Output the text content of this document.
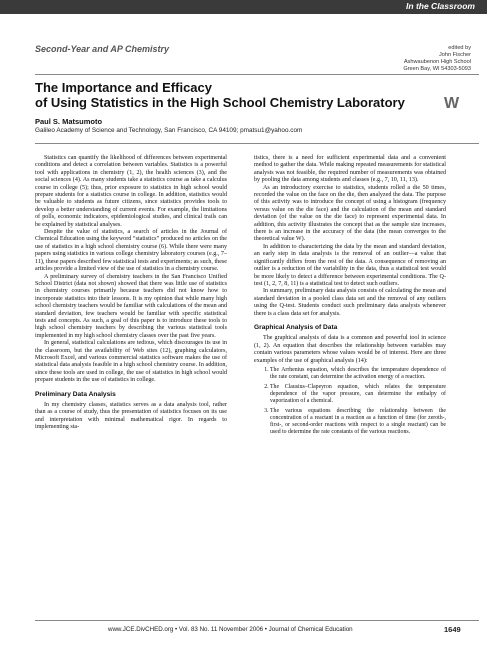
In the Classroom
Second-Year and AP Chemistry	edited by
John Fischer
Ashwaubenon High School
Green Bay, WI 54303-5093
The Importance and Efficacy
of Using Statistics in the High School Chemistry Laboratory	W
Paul S. Matsumoto
Galileo Academy of Science and Technology, San Francisco, CA 94109; pmatsu1@yahoo.com

Statistics can quantify the likelihood of differences between experimental conditions and detect a correlation between variables. Statistics is a powerful tool with applications in chemistry (1, 2), the health sciences (3), and the social sciences (4). As many students take a statistics course as take a calculus course in college (5); thus, prior exposure to statistics in high school would prepare students for a statistics course in college. In addition, statistics would be valuable to students as future citizens, since statistics provides tools to develop a better understanding of current events. For example, the limitations of polls, economic indicators, epidemiological studies, and clinical trails can be explained by statistical analyses.

Despite the value of statistics, a search of articles in the Journal of Chemical Education using the keyword “statistics” produced no articles on the use of statistics in a high school chemistry course (6). While there were many papers using statistics in various college chemistry laboratory courses (e.g., 7–11), these papers described few statistical tests and experiments; as such, these articles provide a limited view of the use of statistics in a chemistry course.

A preliminary survey of chemistry teachers in the San Francisco Unified School District (data not shown) showed that there was little use of statistics in chemistry courses primarily because teachers did not know how to incorporate statistics into their lessons. It is my opinion that while many high school chemistry teachers would be familiar with calculations of the mean and standard deviation, few teachers would be familiar with specific statistical tests and concepts. As such, a goal of this paper is to introduce these tools to high school chemistry teachers by describing the various statistical tools implemented in my high school chemistry classes over the past five years.

In general, statistical calculations are tedious, which discourages its use in the classroom, but the availability of Web sites (12), graphing calculators, Microsoft Excel, and various commercial statistics software makes the use of statistical data analysis feasible in a high school chemistry course. In addition, since these tools are used in college, the use of statistics in high school would prepare students in the use of statistics in college.

Preliminary Data Analysis

In my chemistry classes, statistics serves as a data analysis tool, rather than as a course of study, thus the presentation of statistics focuses on its use and interpretation with minimal mathematical rigor. In regards to implementing sta-

tistics, there is a need for sufficient experimental data and a convenient method to gather the data. While making repeated measurements for statistical analysis was not feasible, the required number of measurements was obtained by pooling the data among students and classes (e.g., 7, 10, 11, 13).

As an introductory exercise to statistics, students rolled a die 50 times, recorded the value on the face on the die, then analyzed the data. The purpose of this activity was to introduce the concept of using a histogram (frequency versus value on the die face) and the calculation of the mean and standard deviation (of the value on the die face) to represent experimental data. In addition, this activity illustrates the concept that as the sample size increases, there is an increase in the accuracy of the data (the mean converges to the theoretical value W).

In addition to characterizing the data by the mean and standard deviation, an early step in data analysis is the removal of an outlier—a value that significantly differs from the rest of the data. A consequence of removing an outlier is a reduction of the variability in the data, thus a statistical test would be more likely to detect a difference between experimental conditions. The Q-test (1, 2, 7, 8, 11) is a statistical test to detect such outliers.

In summary, preliminary data analysis consists of calculating the mean and standard deviation in a pooled class data set and the removal of any outliers using the Q-test. Students conduct such preliminary data analysis whenever there is a class data set for analysis.

Graphical Analysis of Data

The graphical analysis of data is a common and powerful tool in science (1, 2). An equation that describes the relationship between variables may contain various parameters whose values would be of interest. Here are three examples of the use of graphical analysis (14):

1. The Arrhenius equation, which describes the temperature dependence of the rate constant, can determine the activation energy of a reaction.
2. The Clausius–Clapeyron equation, which relates the temperature dependence of the vapor pressure, can determine the enthalpy of vaporization of a chemical.
3. The various equations describing the relationship between the concentration of a reactant in a reaction as a function of time (for zeroth-, first-, or second-order reactions with respect to a single reactant) can be used to determine the rate constants of the various reactions.
www.JCE.DivCHED.org • Vol. 83 No. 11 November 2006 • Journal of Chemical Education	1649
